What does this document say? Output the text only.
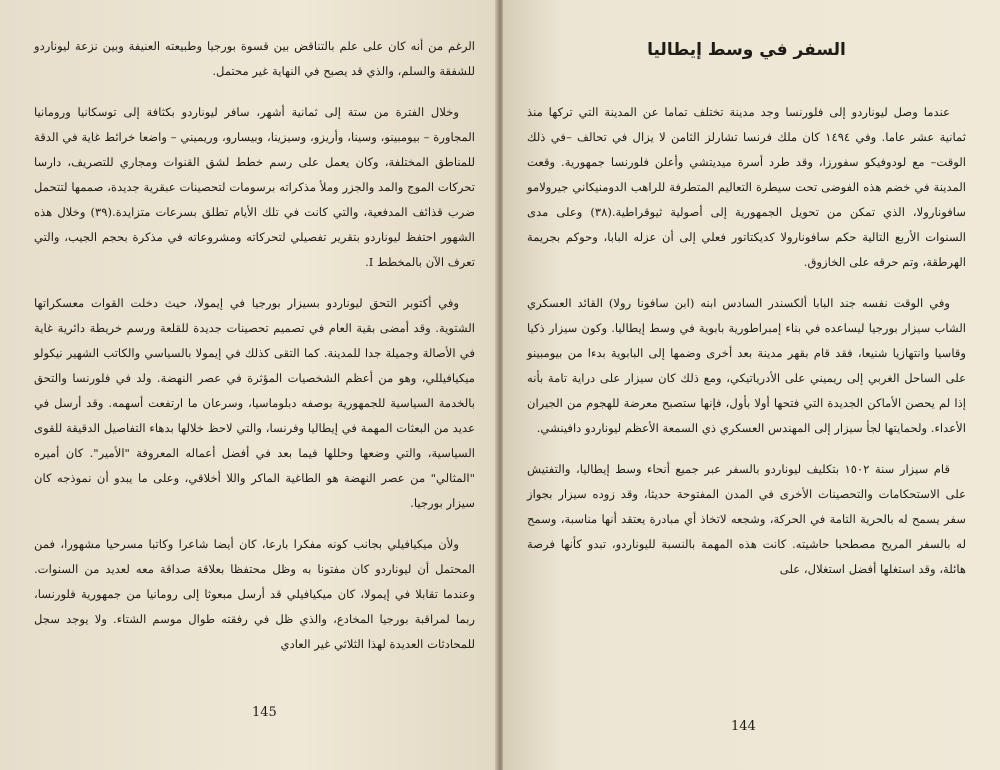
الرغم من أنه كان على علم بالتناقض بين قسوة بورجيا وطبيعته العنيفة وبين نزعة ليوناردو للشفقة والسلم، والذي قد يصبح في النهاية غير محتمل.

وخلال الفترة من ستة إلى ثمانية أشهر، سافر ليوناردو بكثافة إلى توسكانيا ورومانيا المجاورة – بيومبينو، وسينا، وأريزو، وسيزينا، وبيسارو، وريميني – واضعا خرائط غاية في الدقة للمناطق المختلفة، وكان يعمل على رسم خطط لشق القنوات ومجاري للتصريف، دارسا تحركات الموج والمد والجزر وملأ مذكراته برسومات لتحصينات عبقرية جديدة، صممها لتتحمل ضرب قذائف المدفعية، والتي كانت في تلك الأيام تطلق بسرعات متزايدة.(٣٩) وخلال هذه الشهور احتفظ ليوناردو بتقرير تفصيلي لتحركاته ومشروعاته في مذكرة بحجم الجيب، والتي تعرف الآن بالمخطط I.

وفي أكتوبر التحق ليوناردو بسيزار بورجيا في إيمولا، حيث دخلت القوات معسكراتها الشتوية. وقد أمضى بقية العام في تصميم تحصينات جديدة للقلعة ورسم خريطة دائرية غاية في الأصالة وجميلة جدا للمدينة. كما التقى كذلك في إيمولا بالسياسي والكاتب الشهير نيكولو ميكيافيللي، وهو من أعظم الشخصيات المؤثرة في عصر النهضة. ولد في فلورنسا والتحق بالخدمة السياسية للجمهورية بوصفه دبلوماسيا، وسرعان ما ارتفعت أسهمه. وقد أرسل في عديد من البعثات المهمة في إيطاليا وفرنسا، والتي لاحظ خلالها بدهاء التفاصيل الدقيقة للقوى السياسية، والتي وضعها وحللها فيما بعد في أفضل أعماله المعروفة "الأمير". كان أميره "المثالي" من عصر النهضة هو الطاغية الماكر واللا أخلاقي، وعلى ما يبدو أن نموذجه كان سيزار بورجيا.

ولأن ميكيافيلي بجانب كونه مفكرا بارعا، كان أيضا شاعرا وكاتبا مسرحيا مشهورا، فمن المحتمل أن ليوناردو كان مفتونا به وظل محتفظا بعلاقة صداقة معه لعديد من السنوات. وعندما تقابلا في إيمولا، كان ميكيافيلي قد أرسل مبعوثا إلى رومانيا من جمهورية فلورنسا، ربما لمراقبة بورجيا المخادع، والذي ظل في رفقته طوال موسم الشتاء. ولا يوجد سجل للمحادثات العديدة لهذا الثلاثي غير العادي

145
السفر في وسط إيطاليا

عندما وصل ليوناردو إلى فلورنسا وجد مدينة تختلف تماما عن المدينة التي تركها منذ ثمانية عشر عاما. وفي ١٤٩٤ كان ملك فرنسا تشارلز الثامن لا يزال في تحالف –في ذلك الوقت– مع لودوفيكو سفورزا، وقد طرد أسرة ميديتشي وأعلن فلورنسا جمهورية. وقعت المدينة في خضم هذه الفوضى تحت سيطرة التعاليم المتطرفة للراهب الدومنيكاني جيرولامو سافونارولا، الذي تمكن من تحويل الجمهورية إلى أصولية ثيوقراطية.(٣٨) وعلى مدى السنوات الأربع التالية حكم سافونارولا كديكتاتور فعلي إلى أن عزله البابا، وحوكم بجريمة الهرطقة، وتم حرقه على الخازوق.

وفي الوقت نفسه جند البابا ألكسندر السادس ابنه (ابن سافونا رولا) القائد العسكري الشاب سيزار بورجيا ليساعده في بناء إمبراطورية بابوية في وسط إيطاليا. وكون سيزار ذكيا وقاسيا وانتهازيا شنيعا، فقد قام بقهر مدينة بعد أخرى وضمها إلى البابوية بدءا من بيومبينو على الساحل الغربي إلى ريميني على الأدرياتيكي، ومع ذلك كان سيزار على دراية تامة بأنه إذا لم يحصن الأماكن الجديدة التي فتحها أولا بأول، فإنها ستصبح معرضة للهجوم من الجيران الأعداء. ولحمايتها لجأ سيزار إلى المهندس العسكري ذي السمعة الأعظم ليوناردو دافينشي.

قام سيزار سنة ١٥٠٢ بتكليف ليوناردو بالسفر عبر جميع أنحاء وسط إيطاليا، والتفتيش على الاستحكامات والتحصينات الأخرى في المدن المفتوحة حديثا، وقد زوده سيزار بجواز سفر يسمح له بالحرية التامة في الحركة، وشجعه لاتخاذ أي مبادرة يعتقد أنها مناسبة، وسمح له بالسفر المريح مصطحبا حاشيته. كانت هذه المهمة بالنسبة لليوناردو، تبدو كأنها فرصة هائلة، وقد استغلها أفضل استغلال، على

144
